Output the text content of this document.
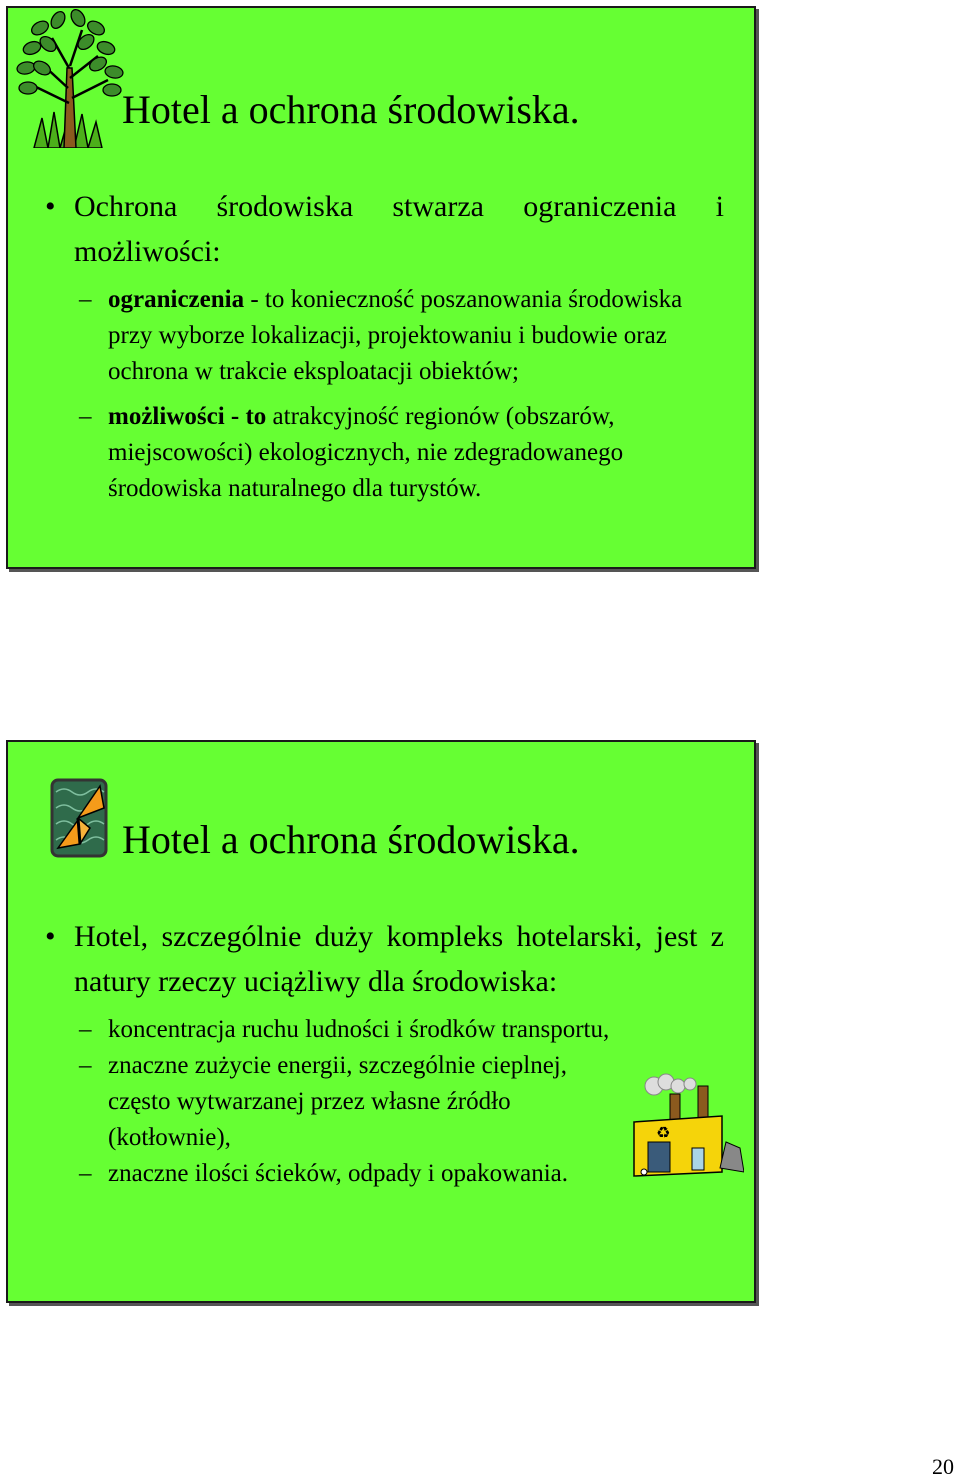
Hotel a ochrona środowiska.
• Ochrona środowiska stwarza ograniczenia i możliwości:
– ograniczenia - to konieczność poszanowania środowiska przy wyborze lokalizacji, projektowaniu i budowie oraz ochrona w trakcie eksploatacji obiektów;
– możliwości - to atrakcyjność regionów (obszarów, miejscowości) ekologicznych, nie zdegradowanego środowiska naturalnego dla turystów.
Hotel a ochrona środowiska.
• Hotel, szczególnie duży kompleks hotelarski, jest z natury rzeczy uciążliwy dla środowiska:
– koncentracja ruchu ludności i środków transportu,
– znaczne zużycie energii, szczególnie cieplnej, często wytwarzanej przez własne źródło (kotłownie),
– znaczne ilości ścieków, odpady i opakowania.
♻
20
